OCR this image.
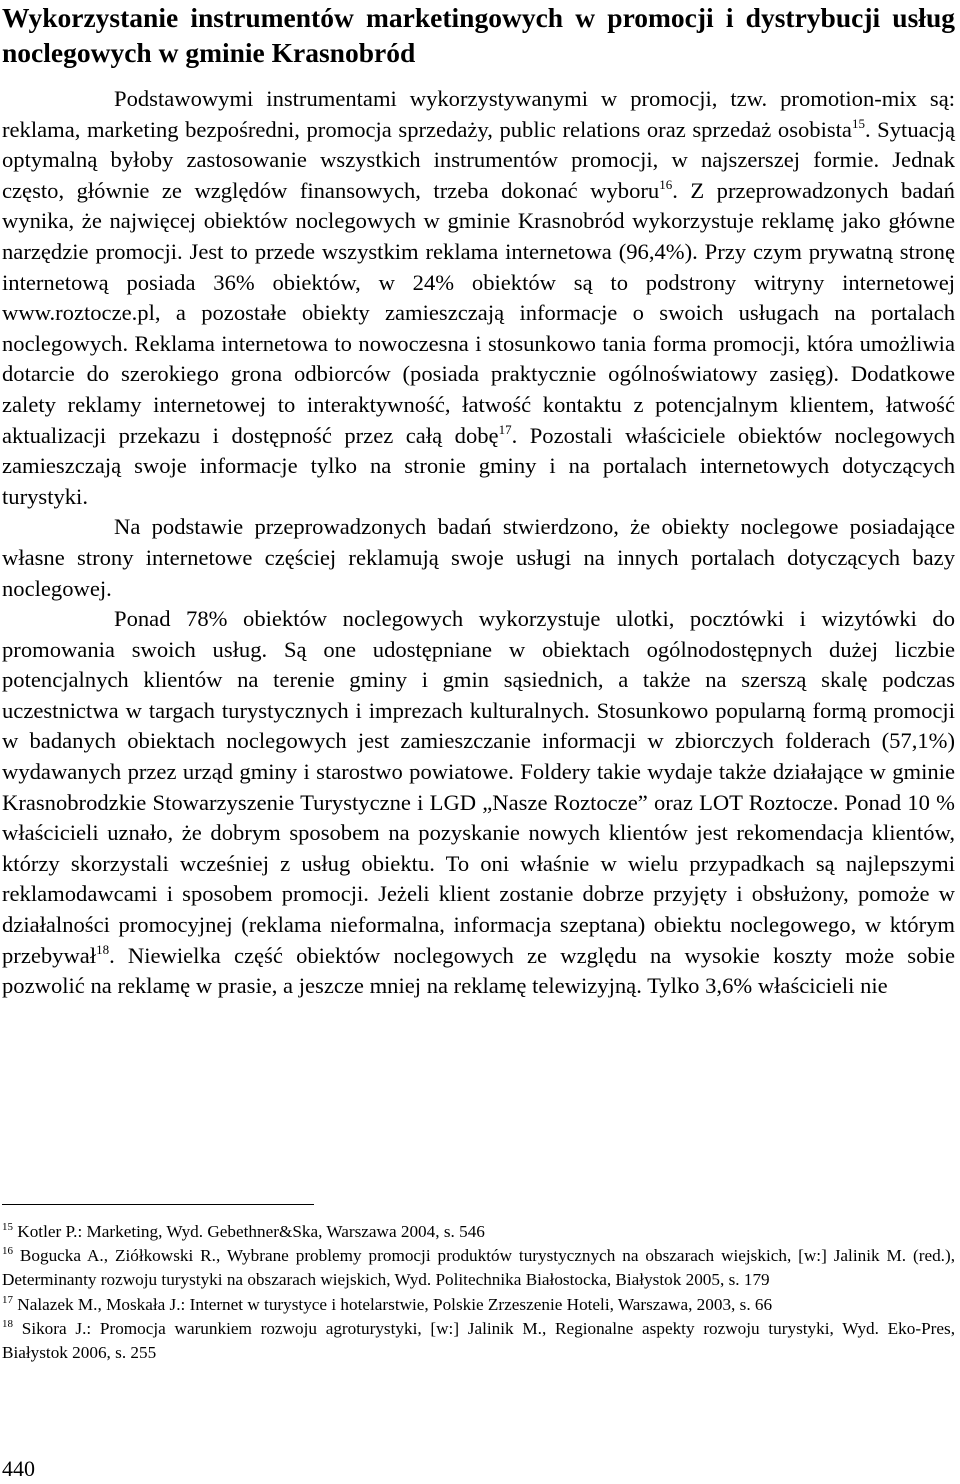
Wykorzystanie instrumentów marketingowych w promocji i dystrybucji usług noclegowych w gminie Krasnobród

Podstawowymi instrumentami wykorzystywanymi w promocji, tzw. promotion-mix są: reklama, marketing bezpośredni, promocja sprzedaży, public relations oraz sprzedaż osobista$^{15}$. Sytuacją optymalną byłoby zastosowanie wszystkich instrumentów promocji, w najszerszej formie. Jednak często, głównie ze względów finansowych, trzeba dokonać wyboru$^{16}$. Z przeprowadzonych badań wynika, że najwięcej obiektów noclegowych w gminie Krasnobród wykorzystuje reklamę jako główne narzędzie promocji. Jest to przede wszystkim reklama internetowa (96,4%). Przy czym prywatną stronę internetową posiada 36% obiektów, w 24% obiektów są to podstrony witryny internetowej www.roztocze.pl, a pozostałe obiekty zamieszczają informacje o swoich usługach na portalach noclegowych. Reklama internetowa to nowoczesna i stosunkowo tania forma promocji, która umożliwia dotarcie do szerokiego grona odbiorców (posiada praktycznie ogólnoświatowy zasięg). Dodatkowe zalety reklamy internetowej to interaktywność, łatwość kontaktu z potencjalnym klientem, łatwość aktualizacji przekazu i dostępność przez całą dobę$^{17}$. Pozostali właściciele obiektów noclegowych zamieszczają swoje informacje tylko na stronie gminy i na portalach internetowych dotyczących turystyki.

Na podstawie przeprowadzonych badań stwierdzono, że obiekty noclegowe posiadające własne strony internetowe częściej reklamują swoje usługi na innych portalach dotyczących bazy noclegowej.

Ponad 78% obiektów noclegowych wykorzystuje ulotki, pocztówki i wizytówki do promowania swoich usług. Są one udostępniane w obiektach ogólnodostępnych dużej liczbie potencjalnych klientów na terenie gminy i gmin sąsiednich, a także na szerszą skalę podczas uczestnictwa w targach turystycznych i imprezach kulturalnych. Stosunkowo popularną formą promocji w badanych obiektach noclegowych jest zamieszczanie informacji w zbiorczych folderach (57,1%) wydawanych przez urząd gminy i starostwo powiatowe. Foldery takie wydaje także działające w gminie Krasnobrodzkie Stowarzyszenie Turystyczne i LGD „Nasze Roztocze” oraz LOT Roztocze. Ponad 10 % właścicieli uznało, że dobrym sposobem na pozyskanie nowych klientów jest rekomendacja klientów, którzy skorzystali wcześniej z usług obiektu. To oni właśnie w wielu przypadkach są najlepszymi reklamodawcami i sposobem promocji. Jeżeli klient zostanie dobrze przyjęty i obsłużony, pomoże w działalności promocyjnej (reklama nieformalna, informacja szeptana) obiektu noclegowego, w którym przebywał$^{18}$. Niewielka część obiektów noclegowych ze względu na wysokie koszty może sobie pozwolić na reklamę w prasie, a jeszcze mniej na reklamę telewizyjną. Tylko 3,6% właścicieli nie

$^{15}$ Kotler P.: Marketing, Wyd. Gebethner&Ska, Warszawa 2004, s. 546

$^{16}$ Bogucka A., Ziółkowski R., Wybrane problemy promocji produktów turystycznych na obszarach wiejskich, [w:] Jalinik M. (red.), Determinanty rozwoju turystyki na obszarach wiejskich, Wyd. Politechnika Białostocka, Białystok 2005, s. 179

$^{17}$ Nalazek M., Moskała J.: Internet w turystyce i hotelarstwie, Polskie Zrzeszenie Hoteli, Warszawa, 2003, s. 66

$^{18}$ Sikora J.: Promocja warunkiem rozwoju agroturystyki, [w:] Jalinik M., Regionalne aspekty rozwoju turystyki, Wyd. Eko-Pres, Białystok 2006, s. 255

440
